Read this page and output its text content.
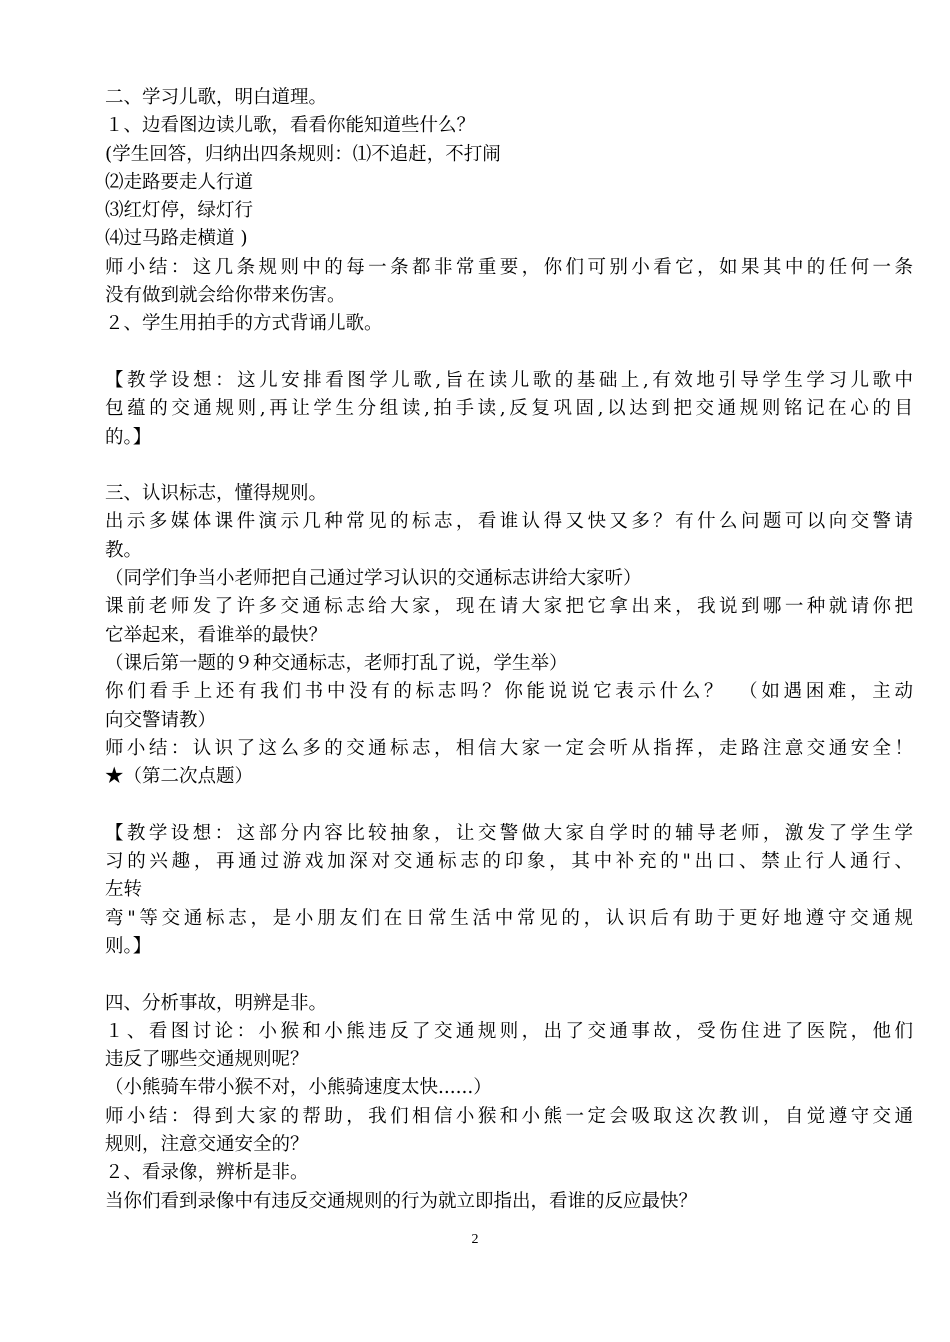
二、学习儿歌，明白道理。
１、边看图边读儿歌，看看你能知道些什么？
(学生回答，归纳出四条规则：⑴不追赶，不打闹
⑵走路要走人行道
⑶红灯停，绿灯行
⑷过马路走横道 )
师小结：这几条规则中的每一条都非常重要，你们可别小看它，如果其中的任何一条
没有做到就会给你带来伤害。
２、学生用拍手的方式背诵儿歌。
【教学设想：这儿安排看图学儿歌,旨在读儿歌的基础上,有效地引导学生学习儿歌中
包蕴的交通规则,再让学生分组读,拍手读,反复巩固,以达到把交通规则铭记在心的目
的。】
三、认识标志，懂得规则。
出示多媒体课件演示几种常见的标志，看谁认得又快又多？有什么问题可以向交警请
教。
（同学们争当小老师把自己通过学习认识的交通标志讲给大家听）
课前老师发了许多交通标志给大家，现在请大家把它拿出来，我说到哪一种就请你把
它举起来，看谁举的最快？
（课后第一题的９种交通标志，老师打乱了说，学生举）
你们看手上还有我们书中没有的标志吗？你能说说它表示什么？　（如遇困难，主动
向交警请教）
师小结：认识了这么多的交通标志，相信大家一定会听从指挥，走路注意交通安全！
★（第二次点题）
【教学设想：这部分内容比较抽象，让交警做大家自学时的辅导老师，激发了学生学
习的兴趣，再通过游戏加深对交通标志的印象，其中补充的"出口、禁止行人通行、
左转
弯"等交通标志，是小朋友们在日常生活中常见的，认识后有助于更好地遵守交通规
则。】
四、分析事故，明辨是非。
１、看图讨论：小猴和小熊违反了交通规则，出了交通事故，受伤住进了医院，他们
违反了哪些交通规则呢？
（小熊骑车带小猴不对，小熊骑速度太快......）
师小结：得到大家的帮助，我们相信小猴和小熊一定会吸取这次教训，自觉遵守交通
规则，注意交通安全的？
２、看录像，辨析是非。
当你们看到录像中有违反交通规则的行为就立即指出，看谁的反应最快？
2
